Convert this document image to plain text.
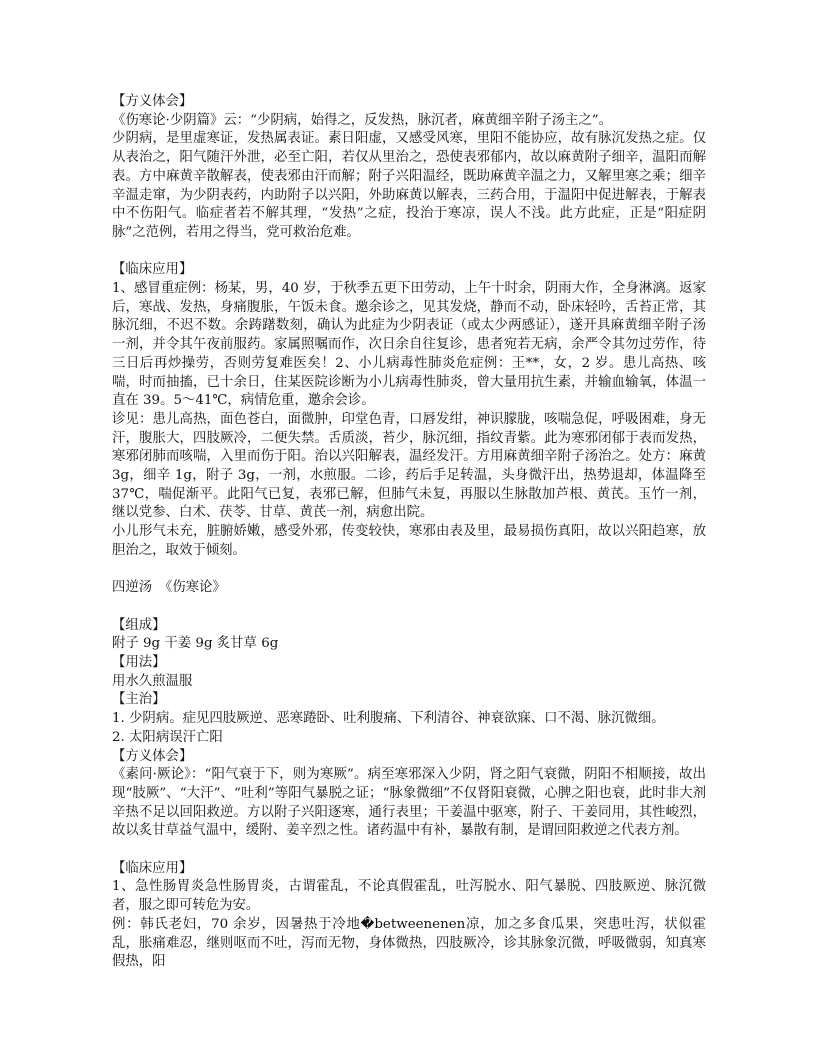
【方义体会】

《伤寒论·少阴篇》云：“少阴病，始得之，反发热，脉沉者，麻黄细辛附子汤主之”。

少阴病，是里虚寒证，发热属表证。素日阳虚，又感受风寒，里阳不能协应，故有脉沉发热之症。仅从表治之，阳气随汗外泄，必至亡阳，若仅从里治之，恐使表邪郁内，故以麻黄附子细辛，温阳而解表。方中麻黄辛散解表，使表邪由汗而解；附子兴阳温经，既助麻黄辛温之力，又解里寒之乘；细辛辛温走窜，为少阴表药，内助附子以兴阳，外助麻黄以解表，三药合用，于温阳中促进解表，于解表中不伤阳气。临症者若不解其理，“发热”之症，投治于寒凉，误人不浅。此方此症，正是“阳症阴脉”之范例，若用之得当，党可救治危难。

【临床应用】

1、感冒重症例：杨某，男，40 岁，于秋季五更下田劳动，上午十时余，阴雨大作，全身淋漓。返家后，寒战、发热，身痛腹胀，午饭未食。邀余诊之，见其发烧，静而不动，卧床轻吟，舌苔正常，其脉沉细，不迟不数。余踌躇数刻，确认为此症为少阴表证（或太少两感证），遂开具麻黄细辛附子汤一剂，并令其午夜前服药。家属照嘱而作，次日余自往复诊，患者宛若无病，余严令其勿过劳作，待三日后再炒操劳，否则劳复难医矣！2、小儿病毒性肺炎危症例：王**，女，2 岁。患儿高热、咳喘，时而抽搐，已十余日，住某医院诊断为小儿病毒性肺炎，曾大量用抗生素，并输血输氧，体温一直在 39。5～41℃，病情危重，邀余会诊。

诊见：患儿高热，面色苍白，面微肿，印堂色青，口唇发绀，神识朦胧，咳喘急促，呼吸困难，身无汗，腹胀大，四肢厥冷，二便失禁。舌质淡，苔少，脉沉细，指纹青紫。此为寒邪闭郁于表而发热，寒邪闭肺而咳喘，入里而伤于阳。治以兴阳解表，温经发汗。方用麻黄细辛附子汤治之。处方：麻黄 3g，细辛 1g，附子 3g，一剂，水煎服。二诊，药后手足转温，头身微汗出，热势退却，体温降至 37℃，喘促渐平。此阳气已复，表邪已解，但肺气未复，再服以生脉散加芦根、黄芪。玉竹一剂，继以党参、白术、茯苓、甘草、黄芪一剂，病愈出院。

小儿形气未充，脏腑娇嫩，感受外邪，传变较快，寒邪由表及里，最易损伤真阳，故以兴阳趋寒，放胆治之，取效于倾刻。

四逆汤　《伤寒论》

【组成】

附子 9g 干姜 9g 炙甘草 6g

【用法】

用水久煎温服

【主治】

1. 少阴病。症见四肢厥逆、恶寒踡卧、吐利腹痛、下利清谷、神衰欲寐、口不渴、脉沉微细。

2. 太阳病误汗亡阳

【方义体会】

《素问·厥论》：“阳气衰于下，则为寒厥”。病至寒邪深入少阴，肾之阳气衰微，阴阳不相顺接，故出现“肢厥”、“大汗”、“吐利”等阳气暴脱之证；“脉象微细”不仅肾阳衰微，心脾之阳也衰，此时非大剂辛热不足以回阳救逆。方以附子兴阳逐寒，通行表里；干姜温中驱寒，附子、干姜同用，其性峻烈，故以炙甘草益气温中，缓附、姜辛烈之性。诸药温中有补，暴散有制，是谓回阳救逆之代表方剂。

【临床应用】

1、急性肠胃炎急性肠胃炎，古谓霍乱，不论真假霍乱，吐泻脱水、阳气暴脱、四肢厥逆、脉沉微者，服之即可转危为安。

例：韩氏老妇，70 余岁，因暑热于冷地�betweenenen凉，加之多食瓜果，突患吐泻，状似霍乱，胀痛难忍，继则呕而不吐，泻而无物，身体微热，四肢厥冷，诊其脉象沉微，呼吸微弱，知真寒假热，阳
